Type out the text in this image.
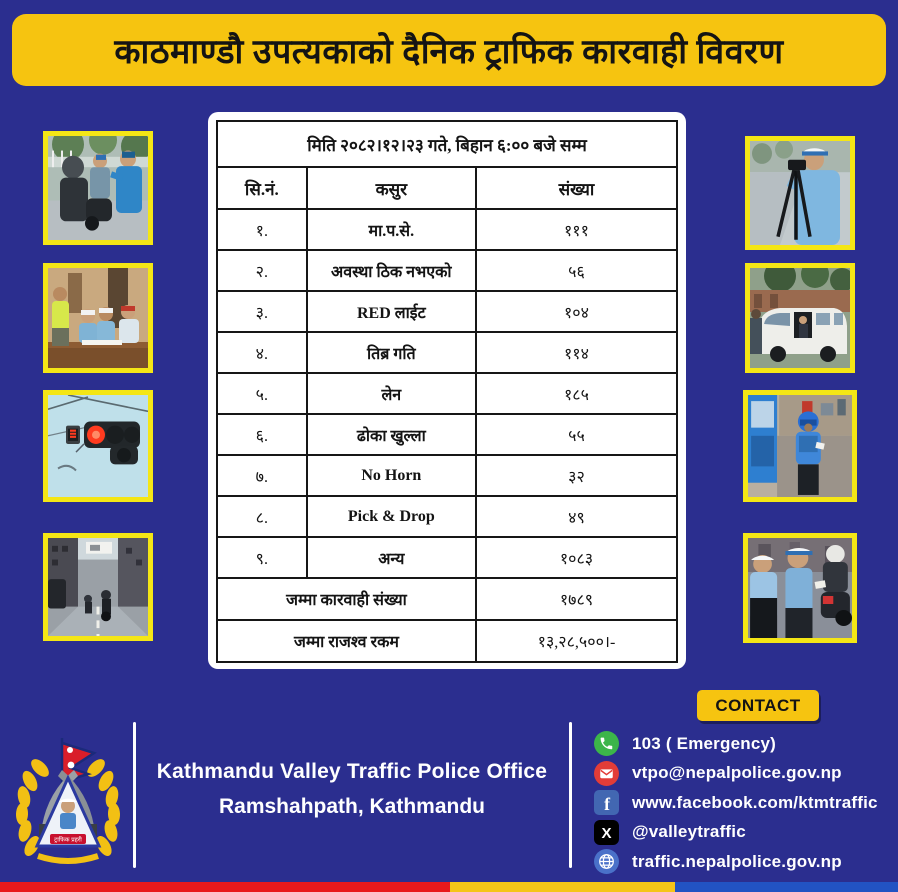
काठमाण्डौ उपत्यकाको दैनिक ट्राफिक कारवाही विवरण
मिति २०८२।१२।२३ गते, बिहान ६:०० बजे सम्म		
सि.नं.	कसुर	संख्या
१.	मा.प.से.	१११
२.	अवस्था ठिक नभएको	५६
३.	RED लाईट	१०४
४.	तिब्र गति	११४
५.	लेन	१८५
६.	ढोका खुल्ला	५५
७.	No Horn	३२
८.	Pick & Drop	४९
९.	अन्य	१०८३
जम्मा कारवाही संख्या		१७८९
जम्मा राजश्व रकम		१३,२८,५००।-
ट्राफिक प्रहरी
Kathmandu Valley Traffic Police Office
Ramshahpath, Kathmandu
CONTACT
103 ( Emergency)
vtpo@nepalpolice.gov.np
f www.facebook.com/ktmtraffic
X @valleytraffic
traffic.nepalpolice.gov.np
